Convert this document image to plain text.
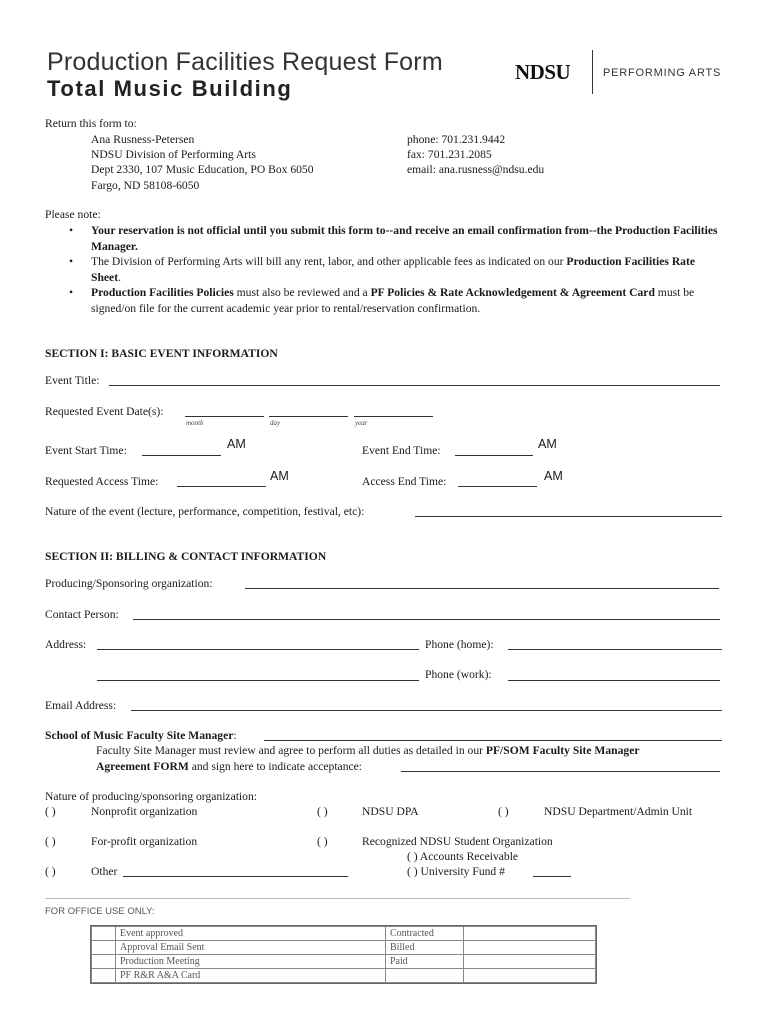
Production Facilities Request Form
Total Music Building
NDSU	PERFORMING ARTS
Return this form to:
Ana Rusness-Petersen
NDSU Division of Performing Arts
Dept 2330, 107 Music Education, PO Box 6050
Fargo, ND 58108-6050
phone: 701.231.9442
fax: 701.231.2085
email: ana.rusness@ndsu.edu
Please note:
• Your reservation is not official until you submit this form to--and receive an email confirmation from--the Production Facilities Manager.
• The Division of Performing Arts will bill any rent, labor, and other applicable fees as indicated on our Production Facilities Rate Sheet.
• Production Facilities Policies must also be reviewed and a PF Policies & Rate Acknowledgement & Agreement Card must be signed/on file for the current academic year prior to rental/reservation confirmation.
SECTION I: BASIC EVENT INFORMATION
Event Title:
Requested Event Date(s):
month	day	year
Event Start Time:	AM	Event End Time:	AM
Requested Access Time:	AM	Access End Time:	AM
Nature of the event (lecture, performance, competition, festival, etc):
SECTION II: BILLING & CONTACT INFORMATION
Producing/Sponsoring organization:
Contact Person:
Address:	Phone (home):
Phone (work):
Email Address:
School of Music Faculty Site Manager:
Faculty Site Manager must review and agree to perform all duties as detailed in our PF/SOM Faculty Site Manager
Agreement FORM and sign here to indicate acceptance:
Nature of producing/sponsoring organization:
( )	Nonprofit organization	( )	NDSU DPA	( )	NDSU Department/Admin Unit
( )	For-profit organization	( )	Recognized NDSU Student Organization
( ) Accounts Receivable
( )	Other	( ) University Fund #
FOR OFFICE USE ONLY:
	Event approved	Contracted	
	Approval Email Sent	Billed	
	Production Meeting	Paid	
	PF R&R A&A Card		
